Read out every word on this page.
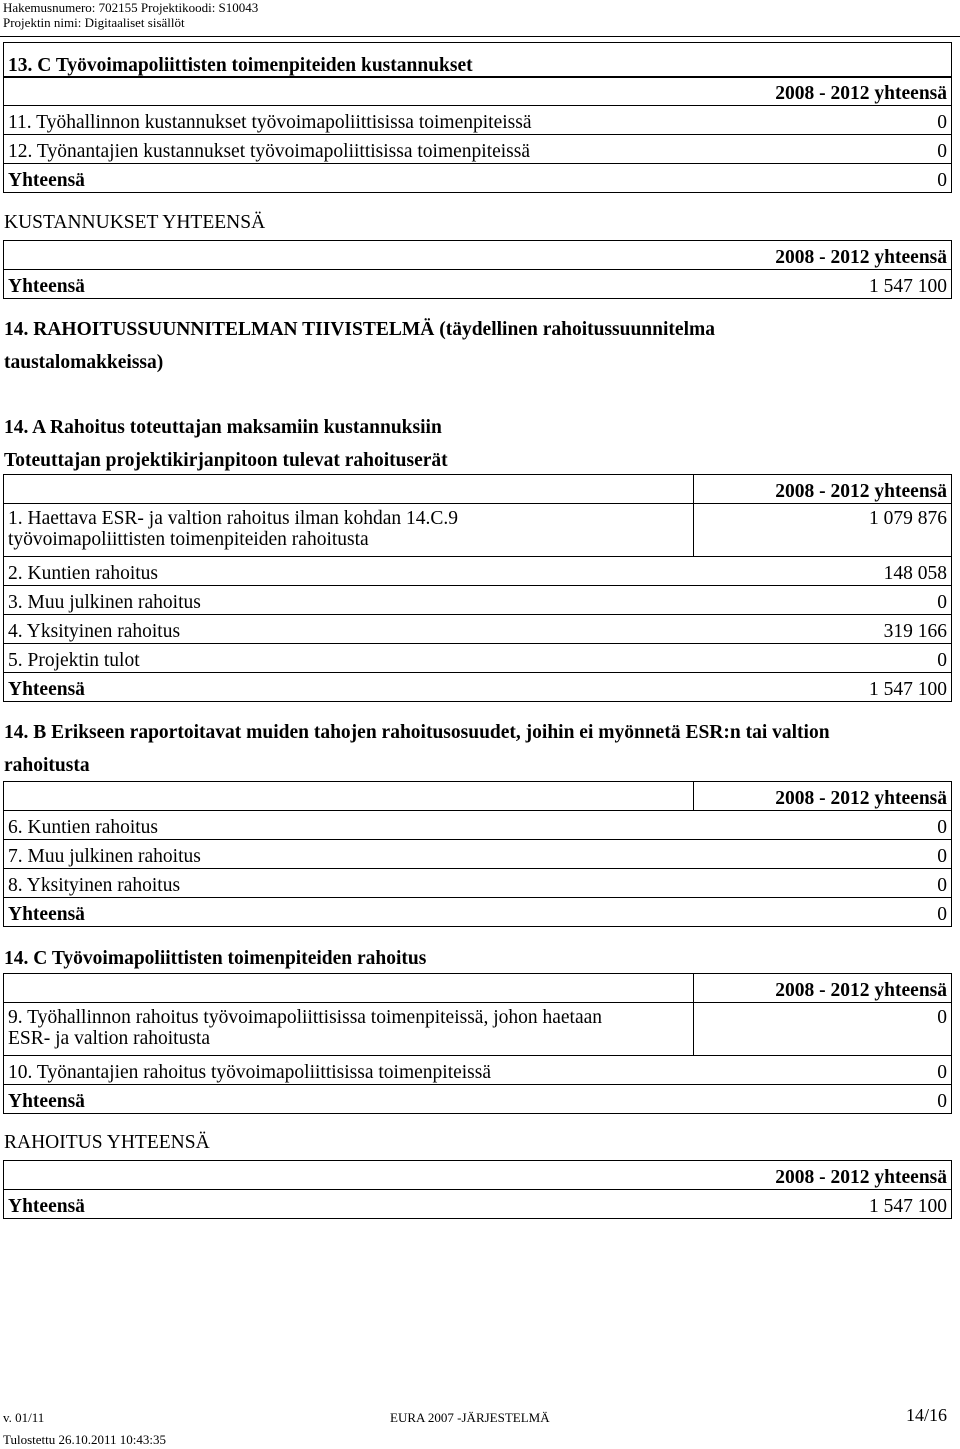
Hakemusnumero: 702155 Projektikoodi: S10043
Projektin nimi: Digitaaliset sisällöt
13. C Työvoimapoliittisten toimenpiteiden kustannukset
	2008 - 2012 yhteensä
11. Työhallinnon kustannukset työvoimapoliittisissa toimenpiteissä	0
12. Työnantajien kustannukset työvoimapoliittisissa toimenpiteissä	0
Yhteensä	0
KUSTANNUKSET YHTEENSÄ
	2008 - 2012 yhteensä
Yhteensä	1 547 100
14. RAHOITUSSUUNNITELMAN TIIVISTELMÄ (täydellinen rahoitussuunnitelma
taustalomakkeissa)
14. A Rahoitus toteuttajan maksamiin kustannuksiin
Toteuttajan projektikirjanpitoon tulevat rahoituserät
	2008 - 2012 yhteensä

1. Haettava ESR- ja valtion rahoitus ilman kohdan 14.C.9
työvoimapoliittisten toimenpiteiden rahoitusta	1 079 876
2. Kuntien rahoitus	148 058
3. Muu julkinen rahoitus	0
4. Yksityinen rahoitus	319 166
5. Projektin tulot	0
Yhteensä	1 547 100
14. B Erikseen raportoitavat muiden tahojen rahoitusosuudet, joihin ei myönnetä ESR:n tai valtion
rahoitusta
	2008 - 2012 yhteensä
6. Kuntien rahoitus	0
7. Muu julkinen rahoitus	0
8. Yksityinen rahoitus	0
Yhteensä	0
14. C Työvoimapoliittisten toimenpiteiden rahoitus
	2008 - 2012 yhteensä

9. Työhallinnon rahoitus työvoimapoliittisissa toimenpiteissä, johon haetaan
ESR- ja valtion rahoitusta	0
10. Työnantajien rahoitus työvoimapoliittisissa toimenpiteissä	0
Yhteensä	0
RAHOITUS YHTEENSÄ
	2008 - 2012 yhteensä
Yhteensä	1 547 100
v. 01/11	EURA 2007 -JÄRJESTELMÄ	14/16
Tulostettu 26.10.2011 10:43:35
